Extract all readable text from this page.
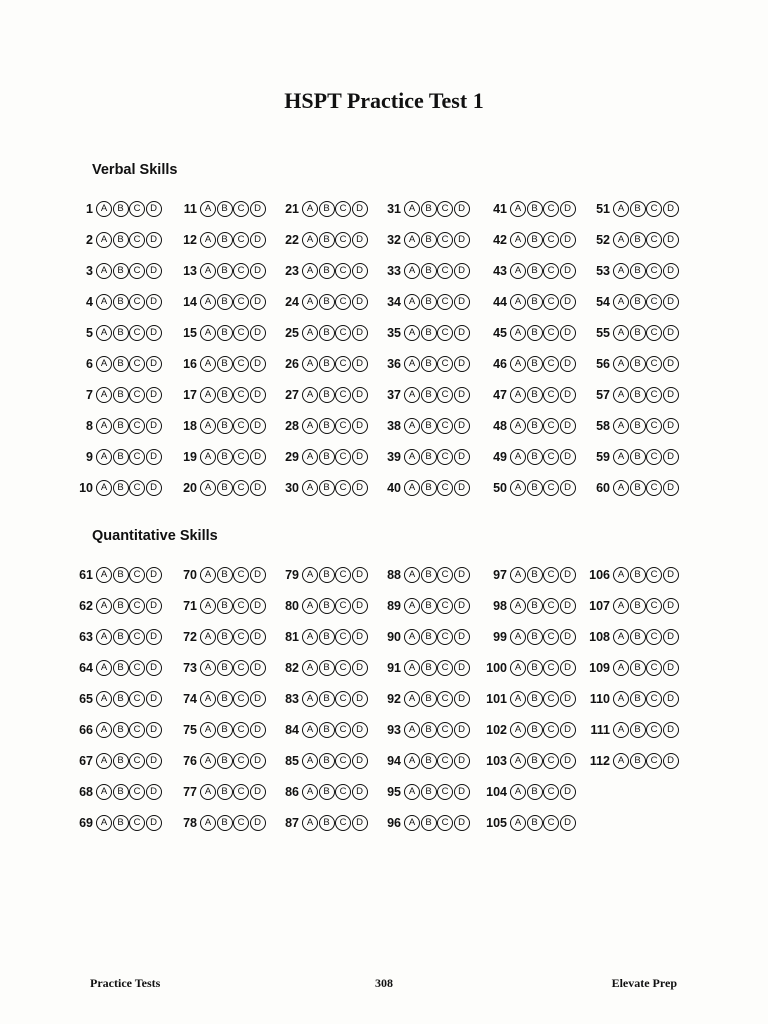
HSPT Practice Test 1
Verbal Skills
1 A	B	C	D
2 A	B	C	D
3 A	B	C	D
4 A	B	C	D
5 A	B	C	D
6 A	B	C	D
7 A	B	C	D
8 A	B	C	D
9 A	B	C	D
10 A	B	C	D
11 A	B	C	D
12 A	B	C	D
13 A	B	C	D
14 A	B	C	D
15 A	B	C	D
16 A	B	C	D
17 A	B	C	D
18 A	B	C	D
19 A	B	C	D
20 A	B	C	D
21 A	B	C	D
22 A	B	C	D
23 A	B	C	D
24 A	B	C	D
25 A	B	C	D
26 A	B	C	D
27 A	B	C	D
28 A	B	C	D
29 A	B	C	D
30 A	B	C	D
31 A	B	C	D
32 A	B	C	D
33 A	B	C	D
34 A	B	C	D
35 A	B	C	D
36 A	B	C	D
37 A	B	C	D
38 A	B	C	D
39 A	B	C	D
40 A	B	C	D
41 A	B	C	D
42 A	B	C	D
43 A	B	C	D
44 A	B	C	D
45 A	B	C	D
46 A	B	C	D
47 A	B	C	D
48 A	B	C	D
49 A	B	C	D
50 A	B	C	D
51 A	B	C	D
52 A	B	C	D
53 A	B	C	D
54 A	B	C	D
55 A	B	C	D
56 A	B	C	D
57 A	B	C	D
58 A	B	C	D
59 A	B	C	D
60 A	B	C	D
Quantitative Skills
61 A	B	C	D
62 A	B	C	D
63 A	B	C	D
64 A	B	C	D
65 A	B	C	D
66 A	B	C	D
67 A	B	C	D
68 A	B	C	D
69 A	B	C	D
70 A	B	C	D
71 A	B	C	D
72 A	B	C	D
73 A	B	C	D
74 A	B	C	D
75 A	B	C	D
76 A	B	C	D
77 A	B	C	D
78 A	B	C	D
79 A	B	C	D
80 A	B	C	D
81 A	B	C	D
82 A	B	C	D
83 A	B	C	D
84 A	B	C	D
85 A	B	C	D
86 A	B	C	D
87 A	B	C	D
88 A	B	C	D
89 A	B	C	D
90 A	B	C	D
91 A	B	C	D
92 A	B	C	D
93 A	B	C	D
94 A	B	C	D
95 A	B	C	D
96 A	B	C	D
97 A	B	C	D
98 A	B	C	D
99 A	B	C	D
100 A	B	C	D
101 A	B	C	D
102 A	B	C	D
103 A	B	C	D
104 A	B	C	D
105 A	B	C	D
106 A	B	C	D
107 A	B	C	D
108 A	B	C	D
109 A	B	C	D
110 A	B	C	D
111 A	B	C	D
112 A	B	C	D
Practice Tests	308	Elevate Prep
